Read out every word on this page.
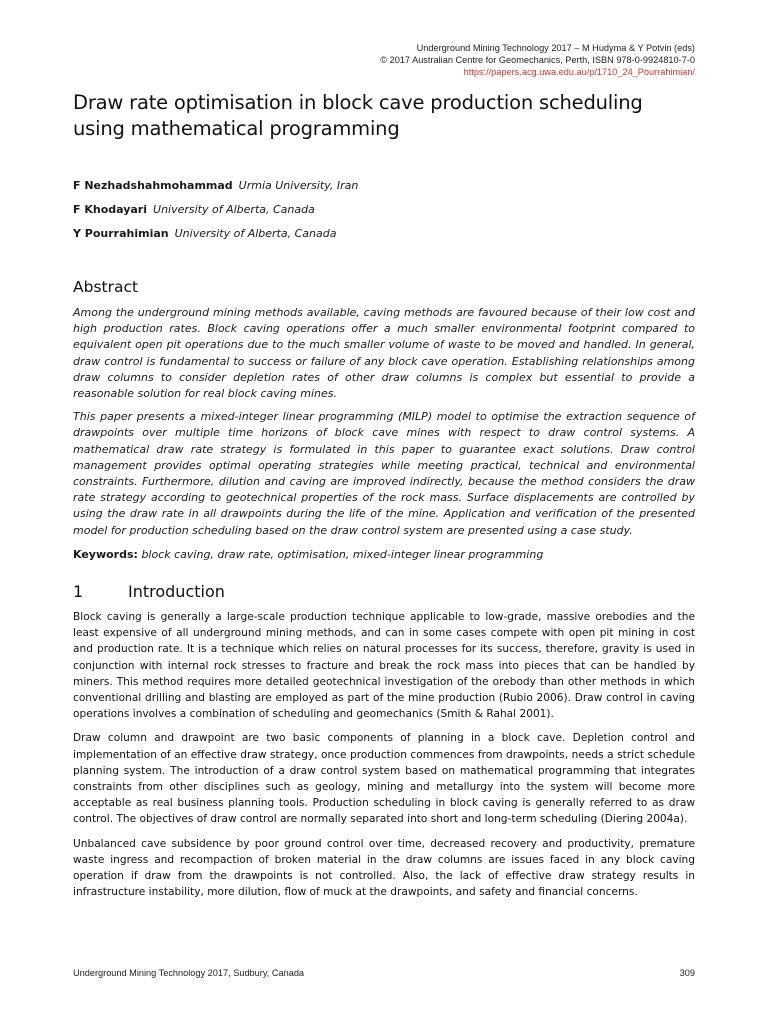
Underground Mining Technology 2017 – M Hudyma & Y Potvin (eds)
© 2017 Australian Centre for Geomechanics, Perth, ISBN 978-0-9924810-7-0
https://papers.acg.uwa.edu.au/p/1710_24_Pourrahimian/
Draw rate optimisation in block cave production scheduling using mathematical programming
F Nezhadshahmohammad Urmia University, Iran
F Khodayari University of Alberta, Canada
Y Pourrahimian University of Alberta, Canada
Abstract

Among the underground mining methods available, caving methods are favoured because of their low cost and high production rates. Block caving operations offer a much smaller environmental footprint compared to equivalent open pit operations due to the much smaller volume of waste to be moved and handled. In general, draw control is fundamental to success or failure of any block cave operation. Establishing relationships among draw columns to consider depletion rates of other draw columns is complex but essential to provide a reasonable solution for real block caving mines.

This paper presents a mixed-integer linear programming (MILP) model to optimise the extraction sequence of drawpoints over multiple time horizons of block cave mines with respect to draw control systems. A mathematical draw rate strategy is formulated in this paper to guarantee exact solutions. Draw control management provides optimal operating strategies while meeting practical, technical and environmental constraints. Furthermore, dilution and caving are improved indirectly, because the method considers the draw rate strategy according to geotechnical properties of the rock mass. Surface displacements are controlled by using the draw rate in all drawpoints during the life of the mine. Application and verification of the presented model for production scheduling based on the draw control system are presented using a case study.

Keywords: block caving, draw rate, optimisation, mixed-integer linear programming
1	Introduction

Block caving is generally a large-scale production technique applicable to low-grade, massive orebodies and the least expensive of all underground mining methods, and can in some cases compete with open pit mining in cost and production rate. It is a technique which relies on natural processes for its success, therefore, gravity is used in conjunction with internal rock stresses to fracture and break the rock mass into pieces that can be handled by miners. This method requires more detailed geotechnical investigation of the orebody than other methods in which conventional drilling and blasting are employed as part of the mine production (Rubio 2006). Draw control in caving operations involves a combination of scheduling and geomechanics (Smith & Rahal 2001).

Draw column and drawpoint are two basic components of planning in a block cave. Depletion control and implementation of an effective draw strategy, once production commences from drawpoints, needs a strict schedule planning system. The introduction of a draw control system based on mathematical programming that integrates constraints from other disciplines such as geology, mining and metallurgy into the system will become more acceptable as real business planning tools. Production scheduling in block caving is generally referred to as draw control. The objectives of draw control are normally separated into short and long-term scheduling (Diering 2004a).

Unbalanced cave subsidence by poor ground control over time, decreased recovery and productivity, premature waste ingress and recompaction of broken material in the draw columns are issues faced in any block caving operation if draw from the drawpoints is not controlled. Also, the lack of effective draw strategy results in infrastructure instability, more dilution, flow of muck at the drawpoints, and safety and financial concerns.

Underground Mining Technology 2017, Sudbury, Canada	309
